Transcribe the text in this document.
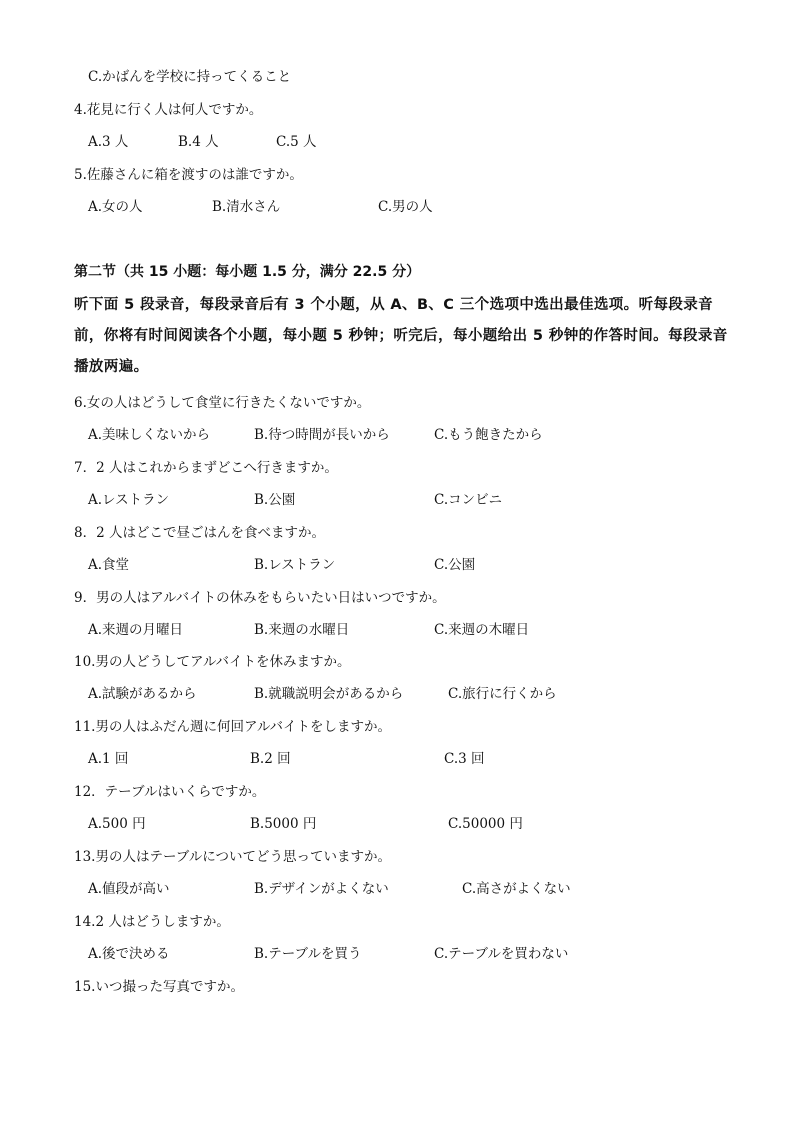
C.かばんを学校に持ってくること
4.花見に行く人は何人ですか。
A.3 人	B.4 人	C.5 人
5.佐藤さんに箱を渡すのは誰ですか。
A.女の人	B.清水さん	C.男の人
第二节（共 15 小题：每小题 1.5 分，满分 22.5 分）
听下面 5 段录音，每段录音后有 3 个小题，从 A、B、C 三个选项中选出最佳选项。听每段录音前，你将有时间阅读各个小题，每小题 5 秒钟；听完后，每小题给出 5 秒钟的作答时间。每段录音播放两遍。
6.女の人はどうして食堂に行きたくないですか。
A.美味しくないから	B.待つ時間が長いから	C.もう飽きたから
7．2 人はこれからまずどこへ行きますか。
A.レストラン	B.公園	C.コンビニ
8．2 人はどこで昼ごはんを食べますか。
A.食堂	B.レストラン	C.公園
9．男の人はアルバイトの休みをもらいたい日はいつですか。
A.来週の月曜日	B.来週の水曜日	C.来週の木曜日
10.男の人どうしてアルバイトを休みますか。
A.試験があるから	B.就職説明会があるから	C.旅行に行くから
11.男の人はふだん週に何回アルバイトをしますか。
A.1 回	B.2 回	C.3 回
12．テーブルはいくらですか。
A.500 円	B.5000 円	C.50000 円
13.男の人はテーブルについてどう思っていますか。
A.値段が高い	B.デザインがよくない	C.高さがよくない
14.2 人はどうしますか。
A.後で決める	B.テーブルを買う	C.テーブルを買わない
15.いつ撮った写真ですか。
